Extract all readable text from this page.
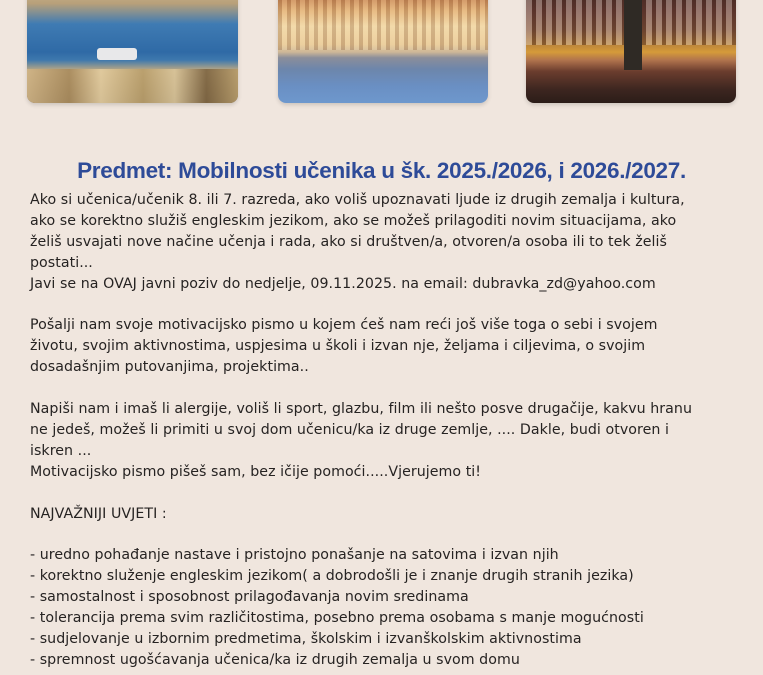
Predmet: Mobilnosti učenika u šk. 2025./2026, i 2026./2027.

Ako si učenica/učenik 8. ili 7. razreda, ako voliš upoznavati ljude iz drugih zemalja i kultura,
ako se korektno služiš engleskim jezikom, ako se možeš prilagoditi novim situacijama, ako
želiš usvajati nove načine učenja i rada, ako si društven/a, otvoren/a osoba ili to tek želiš
postati...
Javi se na OVAJ javni poziv do nedjelje, 09.11.2025. na email: dubravka_zd@yahoo.com

Pošalji nam svoje motivacijsko pismo u kojem ćeš nam reći još više toga o sebi i svojem
životu, svojim aktivnostima, uspjesima u školi i izvan nje, željama i ciljevima, o svojim
dosadašnjim putovanjima, projektima..

Napiši nam i imaš li alergije, voliš li sport, glazbu, film ili nešto posve drugačije, kakvu hranu
ne jedeš, možeš li primiti u svoj dom učenicu/ka iz druge zemlje, .... Dakle, budi otvoren i
iskren ...
Motivacijsko pismo pišeš sam, bez ičije pomoći.....Vjerujemo ti!

NAJVAŽNIJI UVJETI :

- uredno pohađanje nastave i pristojno ponašanje na satovima i izvan njih
- korektno služenje engleskim jezikom( a dobrodošli je i znanje drugih stranih jezika)
- samostalnost i sposobnost prilagođavanja novim sredinama
- tolerancija prema svim različitostima, posebno prema osobama s manje mogućnosti
- sudjelovanje u izbornim predmetima, školskim i izvanškolskim aktivnostima
- spremnost ugošćavanja učenica/ka iz drugih zemalja u svom domu
